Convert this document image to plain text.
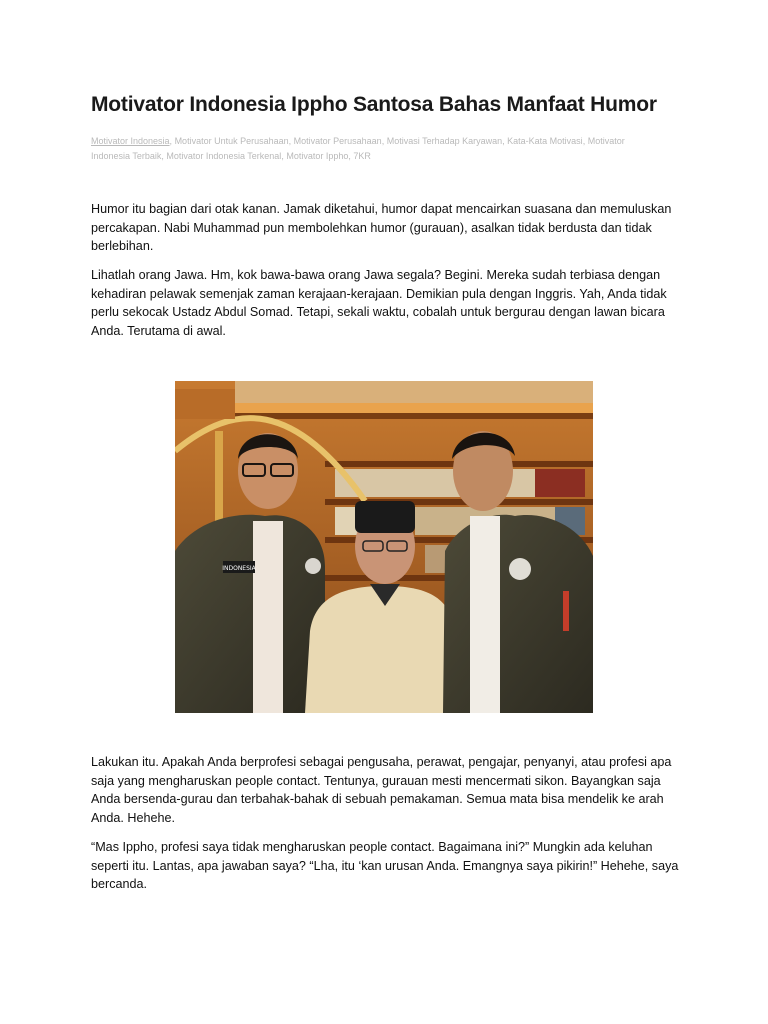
Motivator Indonesia Ippho Santosa Bahas Manfaat Humor
Motivator Indonesia, Motivator Untuk Perusahaan, Motivator Perusahaan, Motivasi Terhadap Karyawan, Kata-Kata Motivasi, Motivator Indonesia Terbaik, Motivator Indonesia Terkenal, Motivator Ippho, 7KR

Humor itu bagian dari otak kanan. Jamak diketahui, humor dapat mencairkan suasana dan memuluskan percakapan. Nabi Muhammad pun membolehkan humor (gurauan), asalkan tidak berdusta dan tidak berlebihan.

Lihatlah orang Jawa. Hm, kok bawa-bawa orang Jawa segala? Begini. Mereka sudah terbiasa dengan kehadiran pelawak semenjak zaman kerajaan-kerajaan. Demikian pula dengan Inggris. Yah, Anda tidak perlu sekocak Ustadz Abdul Somad. Tetapi, sekali waktu, cobalah untuk bergurau dengan lawan bicara Anda. Terutama di awal.

INDONESIA

Lakukan itu. Apakah Anda berprofesi sebagai pengusaha, perawat, pengajar, penyanyi, atau profesi apa saja yang mengharuskan people contact. Tentunya, gurauan mesti mencermati sikon. Bayangkan saja Anda bersenda-gurau dan terbahak-bahak di sebuah pemakaman. Semua mata bisa mendelik ke arah Anda. Hehehe.

“Mas Ippho, profesi saya tidak mengharuskan people contact. Bagaimana ini?” Mungkin ada keluhan seperti itu. Lantas, apa jawaban saya? “Lha, itu ‘kan urusan Anda. Emangnya saya pikirin!” Hehehe, saya bercanda.
